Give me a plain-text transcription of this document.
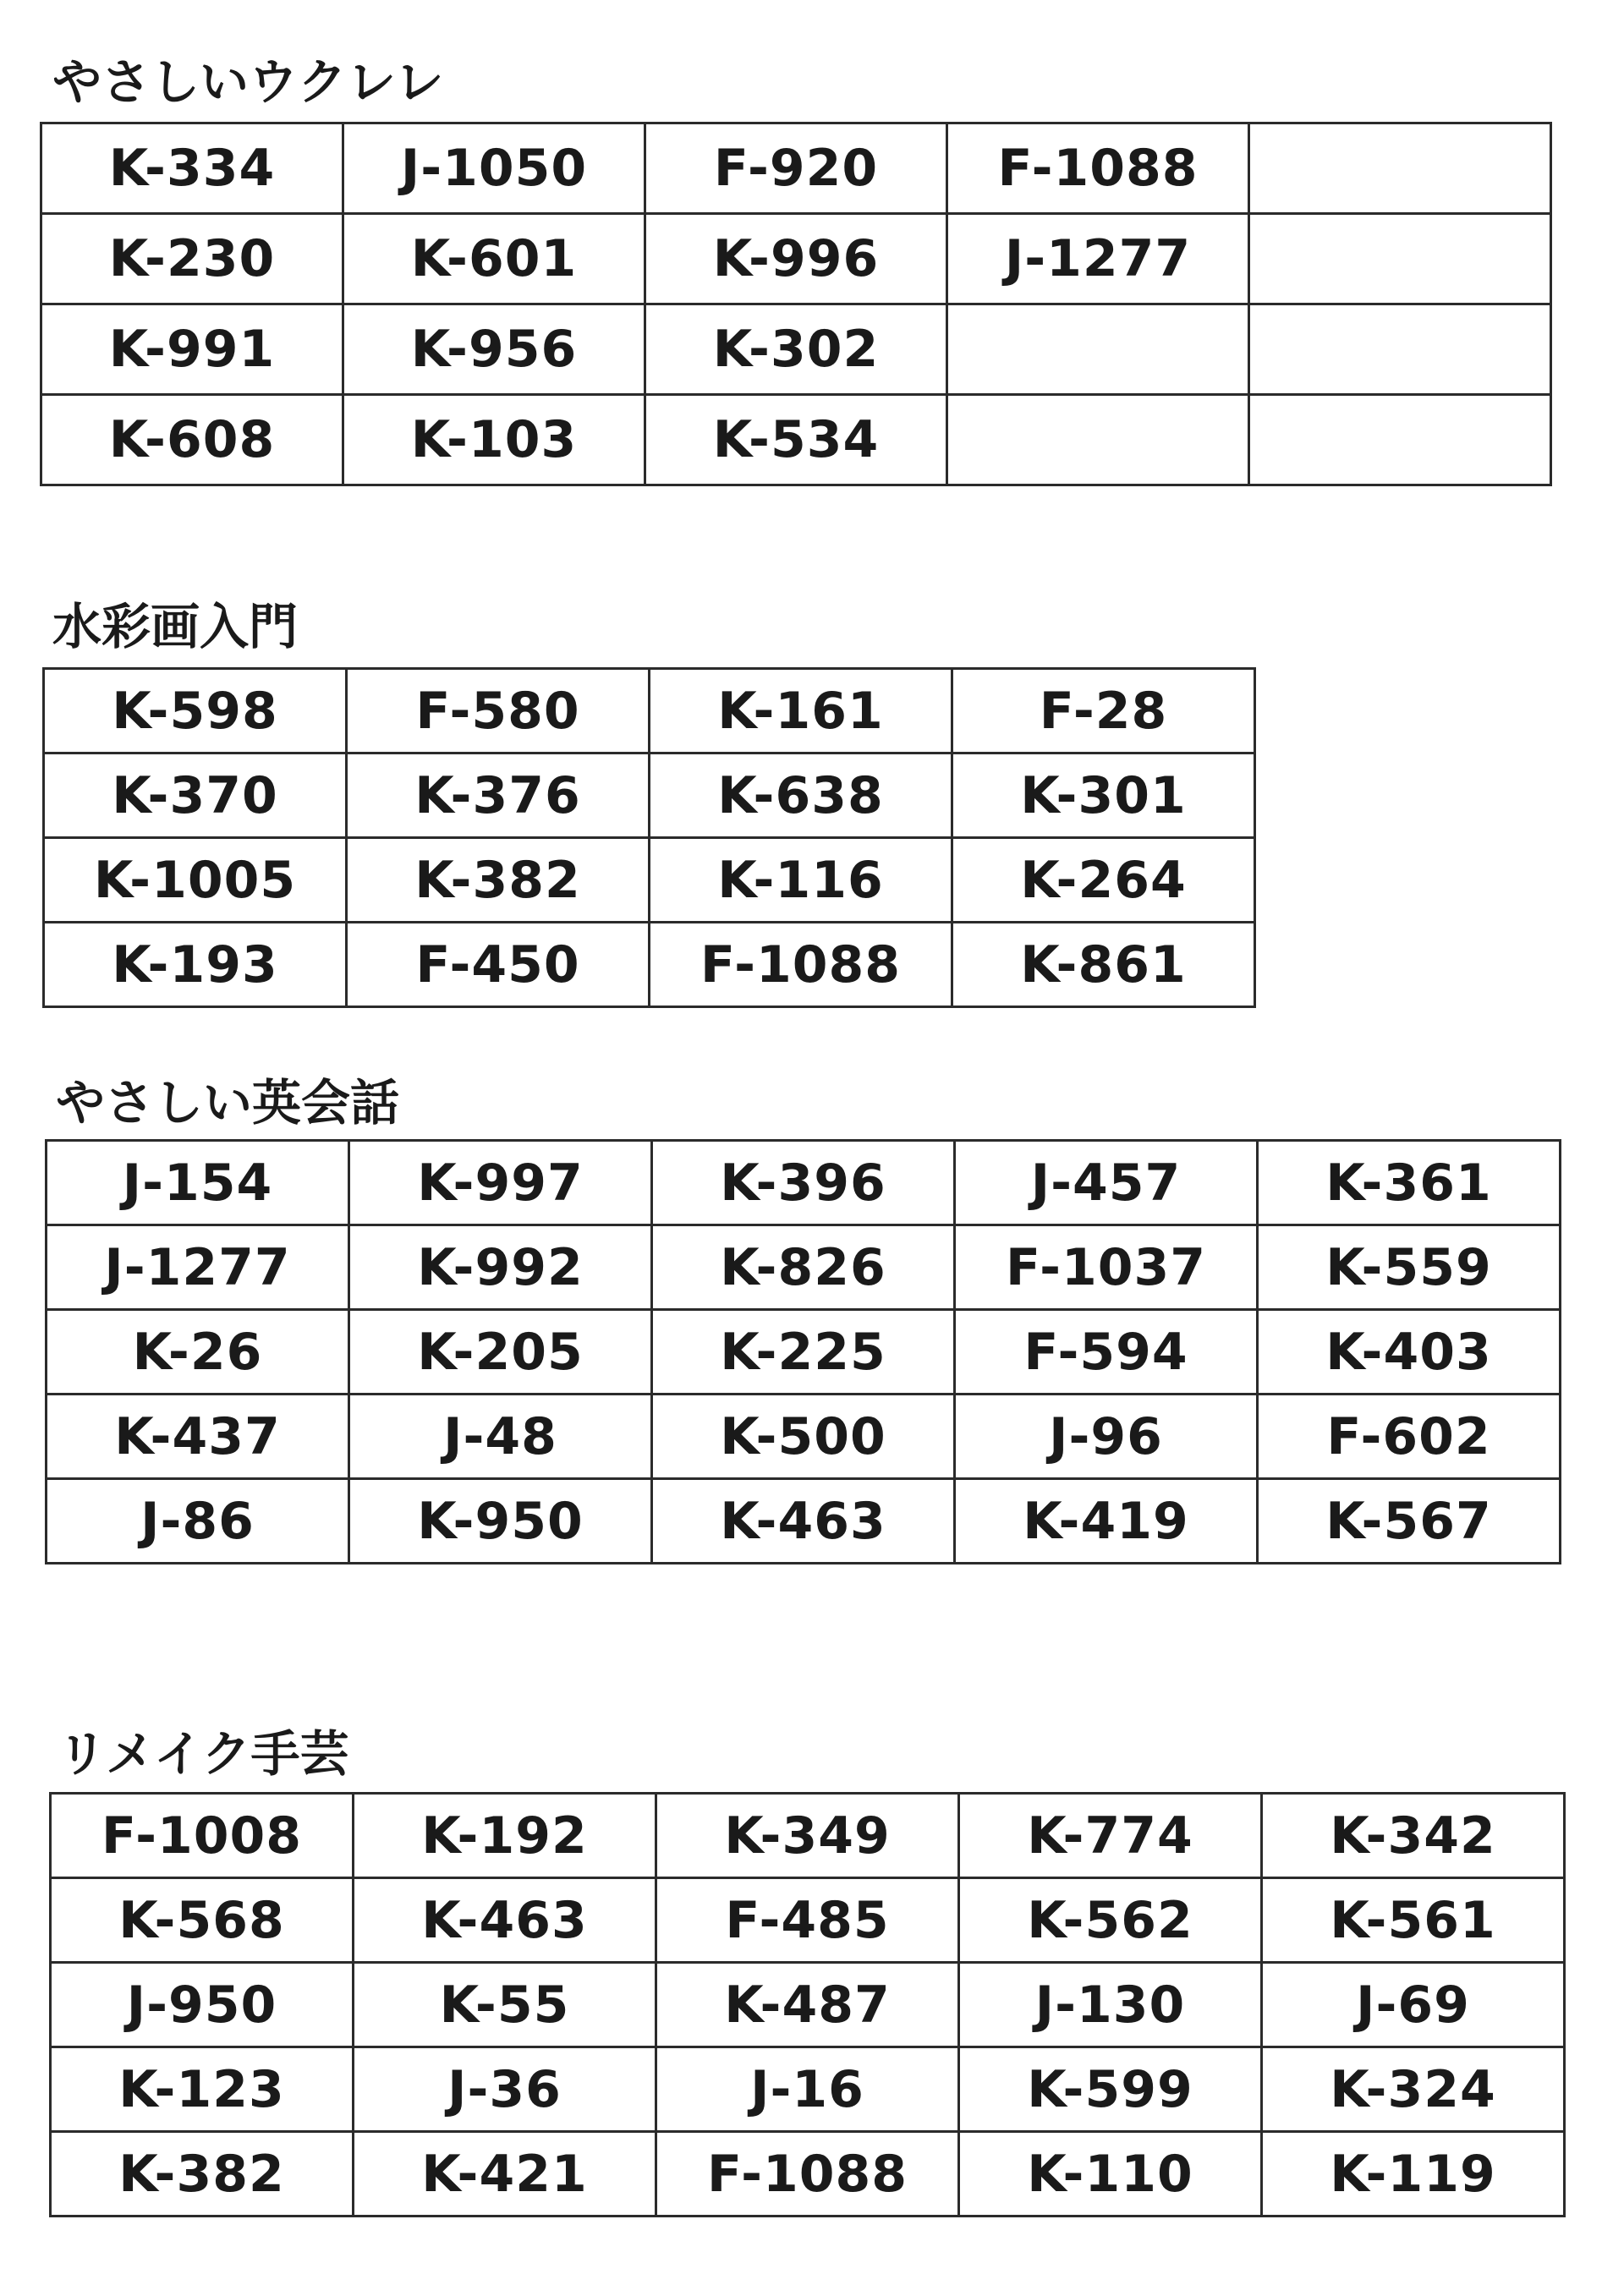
やさしいウクレレ
K-334	J-1050	F-920	F-1088	
K-230	K-601	K-996	J-1277	
K-991	K-956	K-302		
K-608	K-103	K-534		
水彩画入門
K-598	F-580	K-161	F-28
K-370	K-376	K-638	K-301
K-1005	K-382	K-116	K-264
K-193	F-450	F-1088	K-861
やさしい英会話
J-154	K-997	K-396	J-457	K-361
J-1277	K-992	K-826	F-1037	K-559
K-26	K-205	K-225	F-594	K-403
K-437	J-48	K-500	J-96	F-602
J-86	K-950	K-463	K-419	K-567
リメイク手芸
F-1008	K-192	K-349	K-774	K-342
K-568	K-463	F-485	K-562	K-561
J-950	K-55	K-487	J-130	J-69
K-123	J-36	J-16	K-599	K-324
K-382	K-421	F-1088	K-110	K-119
